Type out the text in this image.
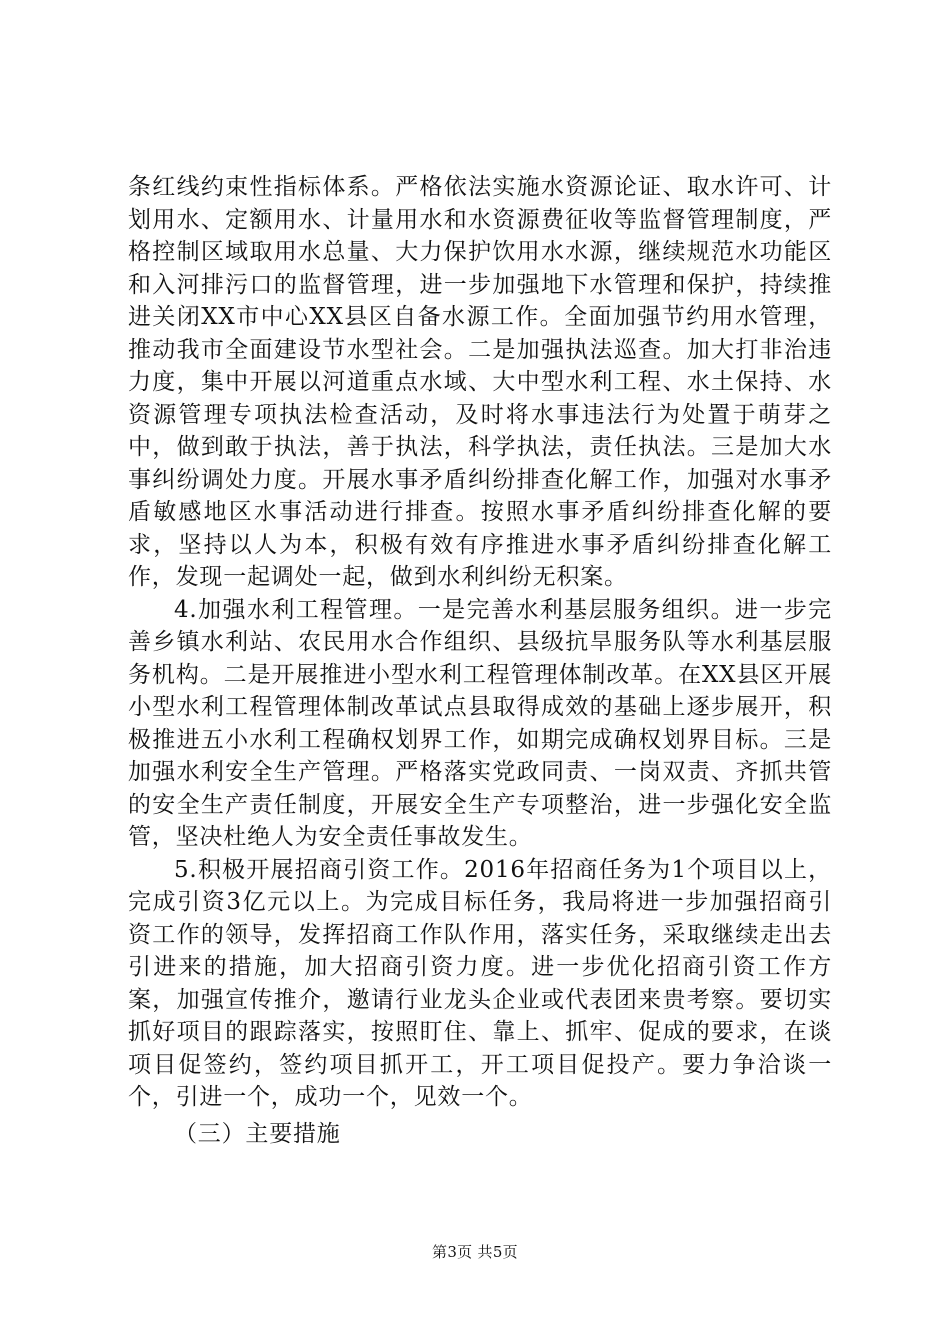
条红线约束性指标体系。严格依法实施水资源论证、取水许可、计划用水、定额用水、计量用水和水资源费征收等监督管理制度，严格控制区域取用水总量、大力保护饮用水水源，继续规范水功能区和入河排污口的监督管理，进一步加强地下水管理和保护，持续推进关闭XX市中心XX县区自备水源工作。全面加强节约用水管理，推动我市全面建设节水型社会。二是加强执法巡查。加大打非治违力度，集中开展以河道重点水域、大中型水利工程、水土保持、水资源管理专项执法检查活动，及时将水事违法行为处置于萌芽之中，做到敢于执法，善于执法，科学执法，责任执法。三是加大水事纠纷调处力度。开展水事矛盾纠纷排查化解工作，加强对水事矛盾敏感地区水事活动进行排查。按照水事矛盾纠纷排查化解的要求，坚持以人为本，积极有效有序推进水事矛盾纠纷排查化解工作，发现一起调处一起，做到水利纠纷无积案。

4.加强水利工程管理。一是完善水利基层服务组织。进一步完善乡镇水利站、农民用水合作组织、县级抗旱服务队等水利基层服务机构。二是开展推进小型水利工程管理体制改革。在XX县区开展小型水利工程管理体制改革试点县取得成效的基础上逐步展开，积极推进五小水利工程确权划界工作，如期完成确权划界目标。三是加强水利安全生产管理。严格落实党政同责、一岗双责、齐抓共管的安全生产责任制度，开展安全生产专项整治，进一步强化安全监管，坚决杜绝人为安全责任事故发生。

5.积极开展招商引资工作。2016年招商任务为1个项目以上，完成引资3亿元以上。为完成目标任务，我局将进一步加强招商引资工作的领导，发挥招商工作队作用，落实任务，采取继续走出去引进来的措施，加大招商引资力度。进一步优化招商引资工作方案，加强宣传推介，邀请行业龙头企业或代表团来贵考察。要切实抓好项目的跟踪落实，按照盯住、靠上、抓牢、促成的要求，在谈项目促签约，签约项目抓开工，开工项目促投产。要力争洽谈一个，引进一个，成功一个，见效一个。

（三）主要措施

第3页 共5页
